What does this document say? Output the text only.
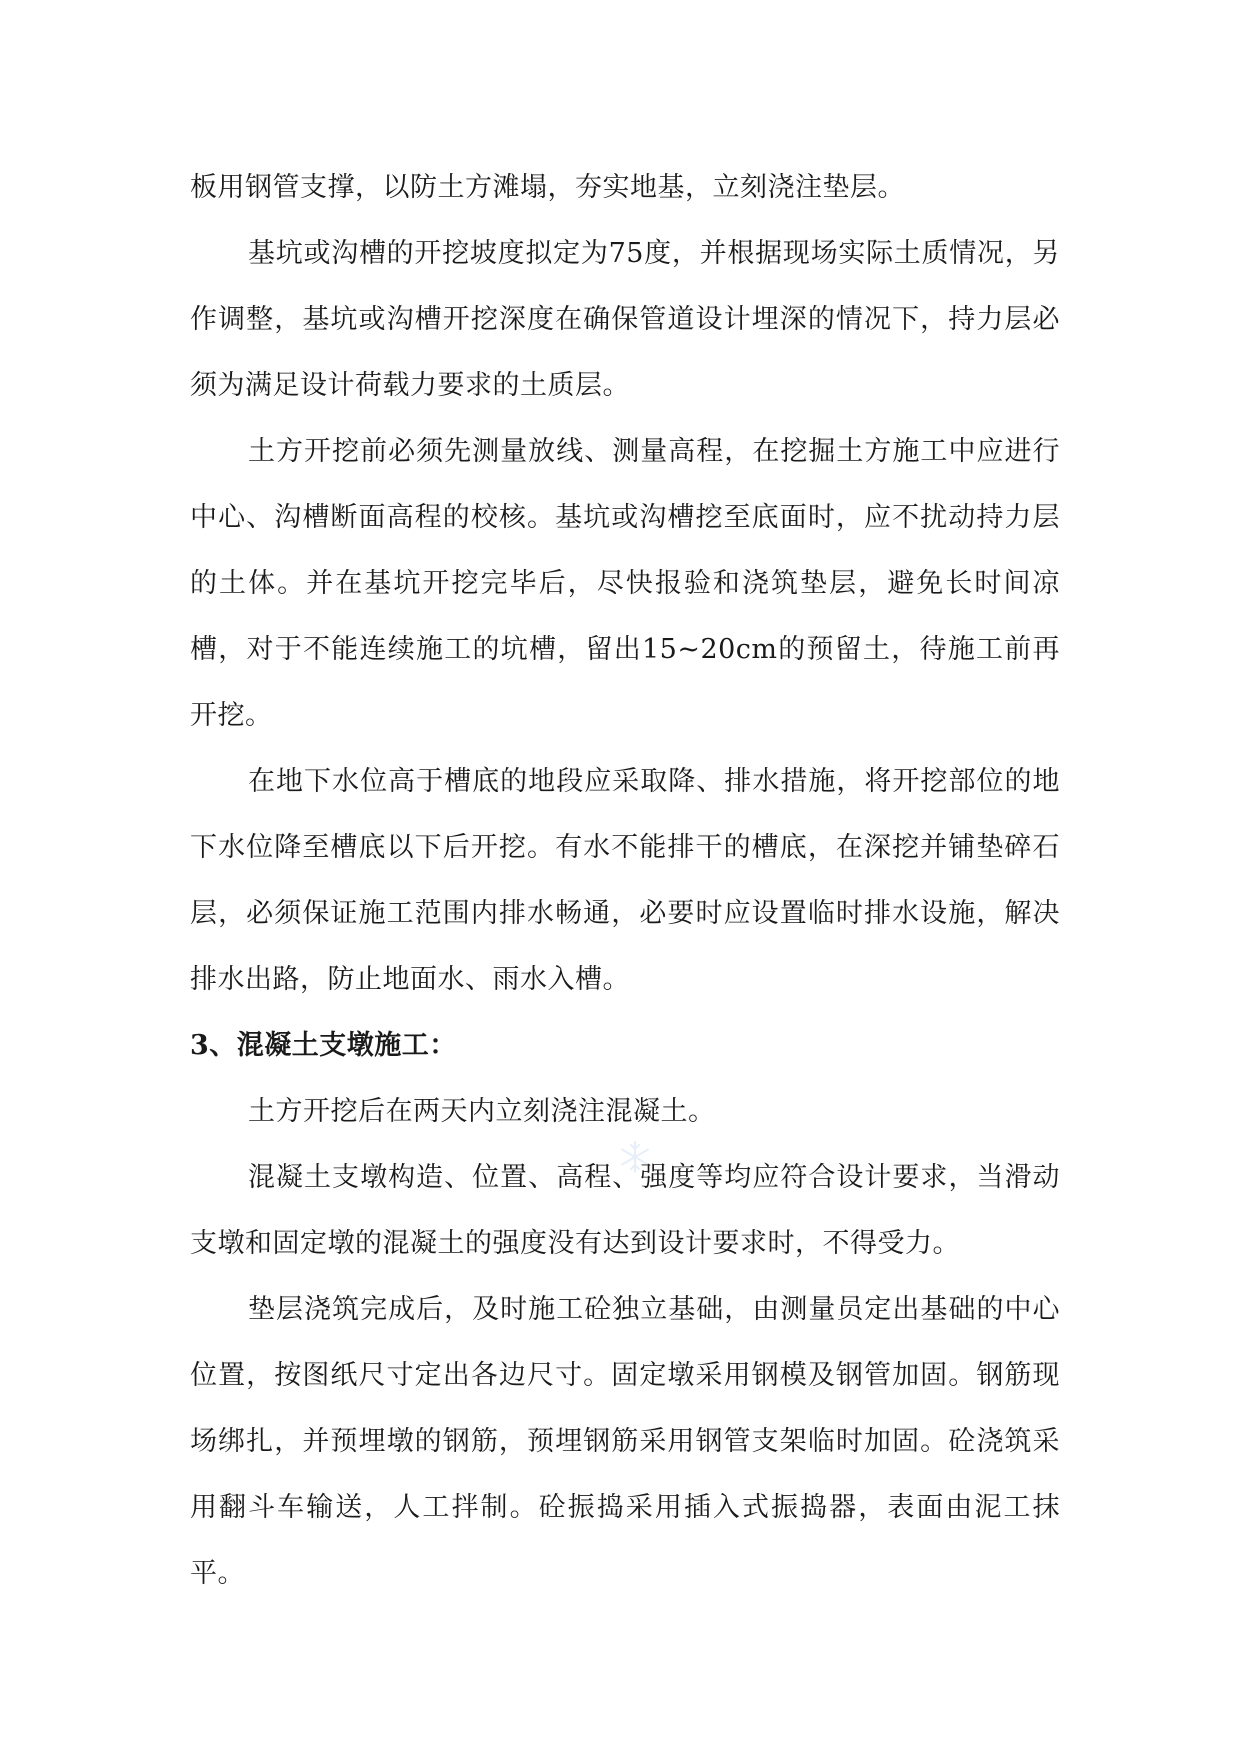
板用钢管支撑，以防土方滩塌，夯实地基，立刻浇注垫层。

基坑或沟槽的开挖坡度拟定为75度，并根据现场实际土质情况，另作调整，基坑或沟槽开挖深度在确保管道设计埋深的情况下，持力层必须为满足设计荷载力要求的土质层。

土方开挖前必须先测量放线、测量高程，在挖掘土方施工中应进行中心、沟槽断面高程的校核。基坑或沟槽挖至底面时，应不扰动持力层的土体。并在基坑开挖完毕后，尽快报验和浇筑垫层，避免长时间凉槽，对于不能连续施工的坑槽，留出15~20cm的预留土，待施工前再开挖。

在地下水位高于槽底的地段应采取降、排水措施，将开挖部位的地下水位降至槽底以下后开挖。有水不能排干的槽底，在深挖并铺垫碎石层，必须保证施工范围内排水畅通，必要时应设置临时排水设施，解决排水出路，防止地面水、雨水入槽。

3、混凝土支墩施工：

土方开挖后在两天内立刻浇注混凝土。

混凝土支墩构造、位置、高程、强度等均应符合设计要求，当滑动支墩和固定墩的混凝土的强度没有达到设计要求时，不得受力。

垫层浇筑完成后，及时施工砼独立基础，由测量员定出基础的中心位置，按图纸尺寸定出各边尺寸。固定墩采用钢模及钢管加固。钢筋现场绑扎，并预埋墩的钢筋，预埋钢筋采用钢管支架临时加固。砼浇筑采用翻斗车输送，人工拌制。砼振捣采用插入式振捣器，表面由泥工抹平。
